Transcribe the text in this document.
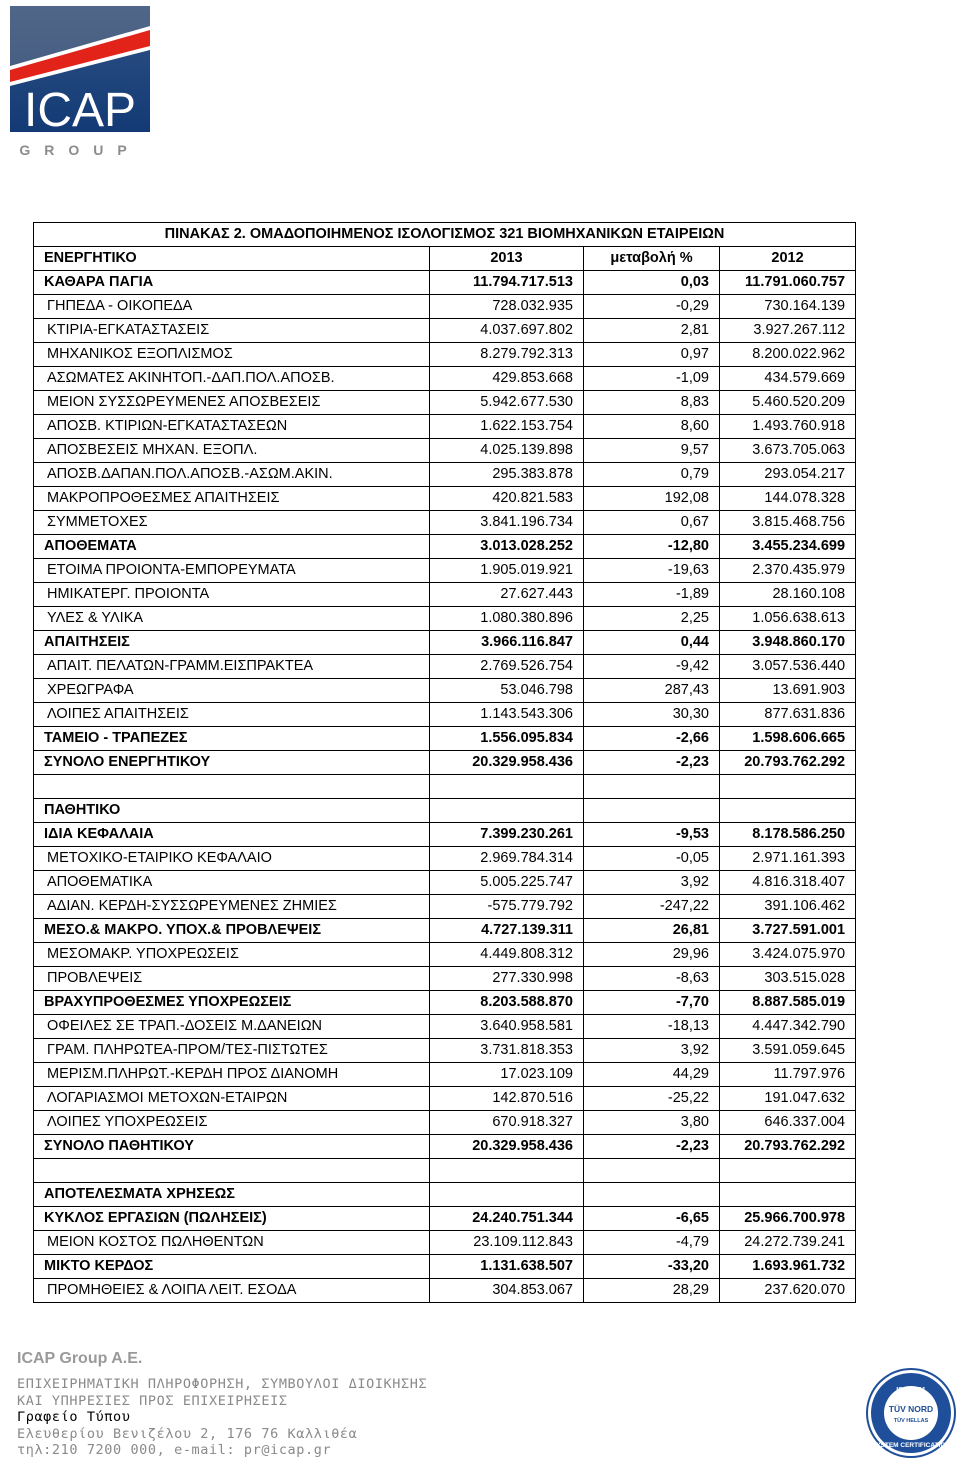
ICAP
GROUP
ΠΙΝΑΚΑΣ 2. ΟΜΑΔΟΠΟΙΗΜΕΝΟΣ ΙΣΟΛΟΓΙΣΜΟΣ 321 ΒΙΟΜΗΧΑΝΙΚΩΝ ΕΤΑΙΡΕΙΩΝ			
ΕΝΕΡΓΗΤΙΚΟ	2013	μεταβολή %	2012
ΚΑΘΑΡΑ ΠΑΓΙΑ	11.794.717.513	0,03	11.791.060.757
ΓΗΠΕΔΑ - ΟΙΚΟΠΕΔΑ	728.032.935	-0,29	730.164.139
ΚΤΙΡΙΑ-ΕΓΚΑΤΑΣΤΑΣΕΙΣ	4.037.697.802	2,81	3.927.267.112
ΜΗΧΑΝΙΚΟΣ ΕΞΟΠΛΙΣΜΟΣ	8.279.792.313	0,97	8.200.022.962
ΑΣΩΜΑΤΕΣ ΑΚΙΝΗΤΟΠ.-ΔΑΠ.ΠΟΛ.ΑΠΟΣΒ.	429.853.668	-1,09	434.579.669
ΜΕΙΟΝ ΣΥΣΣΩΡΕΥΜΕΝΕΣ ΑΠΟΣΒΕΣΕΙΣ	5.942.677.530	8,83	5.460.520.209
ΑΠΟΣΒ. ΚΤΙΡΙΩΝ-ΕΓΚΑΤΑΣΤΑΣΕΩΝ	1.622.153.754	8,60	1.493.760.918
ΑΠΟΣΒΕΣΕΙΣ ΜΗΧΑΝ. ΕΞΟΠΛ.	4.025.139.898	9,57	3.673.705.063
ΑΠΟΣΒ.ΔΑΠΑΝ.ΠΟΛ.ΑΠΟΣΒ.-ΑΣΩΜ.ΑΚΙΝ.	295.383.878	0,79	293.054.217
ΜΑΚΡΟΠΡΟΘΕΣΜΕΣ ΑΠΑΙΤΗΣΕΙΣ	420.821.583	192,08	144.078.328
ΣΥΜΜΕΤΟΧΕΣ	3.841.196.734	0,67	3.815.468.756
ΑΠΟΘΕΜΑΤΑ	3.013.028.252	-12,80	3.455.234.699
ΕΤΟΙΜΑ ΠΡΟΙΟΝΤΑ-ΕΜΠΟΡΕΥΜΑΤΑ	1.905.019.921	-19,63	2.370.435.979
ΗΜΙΚΑΤΕΡΓ. ΠΡΟΙΟΝΤΑ	27.627.443	-1,89	28.160.108
ΥΛΕΣ & ΥΛΙΚΑ	1.080.380.896	2,25	1.056.638.613
ΑΠΑΙΤΗΣΕΙΣ	3.966.116.847	0,44	3.948.860.170
ΑΠΑΙΤ. ΠΕΛΑΤΩΝ-ΓΡΑΜΜ.ΕΙΣΠΡΑΚΤΕΑ	2.769.526.754	-9,42	3.057.536.440
ΧΡΕΩΓΡΑΦΑ	53.046.798	287,43	13.691.903
ΛΟΙΠΕΣ ΑΠΑΙΤΗΣΕΙΣ	1.143.543.306	30,30	877.631.836
ΤΑΜΕΙΟ - ΤΡΑΠΕΖΕΣ	1.556.095.834	-2,66	1.598.606.665
ΣΥΝΟΛΟ ΕΝΕΡΓΗΤΙΚΟΥ	20.329.958.436	-2,23	20.793.762.292

ΠΑΘΗΤΙΚΟ			
ΙΔΙΑ ΚΕΦΑΛΑΙΑ	7.399.230.261	-9,53	8.178.586.250
ΜΕΤΟΧΙΚΟ-ΕΤΑΙΡΙΚΟ ΚΕΦΑΛΑΙΟ	2.969.784.314	-0,05	2.971.161.393
ΑΠΟΘΕΜΑΤΙΚΑ	5.005.225.747	3,92	4.816.318.407
ΑΔΙΑΝ. ΚΕΡΔΗ-ΣΥΣΣΩΡΕΥΜΕΝΕΣ ΖΗΜΙΕΣ	-575.779.792	-247,22	391.106.462
ΜΕΣΟ.& ΜΑΚΡΟ. ΥΠΟΧ.& ΠΡΟΒΛΕΨΕΙΣ	4.727.139.311	26,81	3.727.591.001
ΜΕΣΟΜΑΚΡ. ΥΠΟΧΡΕΩΣΕΙΣ	4.449.808.312	29,96	3.424.075.970
ΠΡΟΒΛΕΨΕΙΣ	277.330.998	-8,63	303.515.028
ΒΡΑΧΥΠΡΟΘΕΣΜΕΣ ΥΠΟΧΡΕΩΣΕΙΣ	8.203.588.870	-7,70	8.887.585.019
ΟΦΕΙΛΕΣ ΣΕ ΤΡΑΠ.-ΔΟΣΕΙΣ Μ.ΔΑΝΕΙΩΝ	3.640.958.581	-18,13	4.447.342.790
ΓΡΑΜ. ΠΛΗΡΩΤΕΑ-ΠΡΟΜ/ΤΕΣ-ΠΙΣΤΩΤΕΣ	3.731.818.353	3,92	3.591.059.645
ΜΕΡΙΣΜ.ΠΛΗΡΩΤ.-ΚΕΡΔΗ ΠΡΟΣ ΔΙΑΝΟΜΗ	17.023.109	44,29	11.797.976
ΛΟΓΑΡΙΑΣΜΟΙ ΜΕΤΟΧΩΝ-ΕΤΑΙΡΩΝ	142.870.516	-25,22	191.047.632
ΛΟΙΠΕΣ ΥΠΟΧΡΕΩΣΕΙΣ	670.918.327	3,80	646.337.004
ΣΥΝΟΛΟ ΠΑΘΗΤΙΚΟΥ	20.329.958.436	-2,23	20.793.762.292

ΑΠΟΤΕΛΕΣΜΑΤΑ ΧΡΗΣΕΩΣ			
ΚΥΚΛΟΣ ΕΡΓΑΣΙΩΝ (ΠΩΛΗΣΕΙΣ)	24.240.751.344	-6,65	25.966.700.978
ΜΕΙΟΝ ΚΟΣΤΟΣ ΠΩΛΗΘΕΝΤΩΝ	23.109.112.843	-4,79	24.272.739.241
ΜΙΚΤΟ ΚΕΡΔΟΣ	1.131.638.507	-33,20	1.693.961.732
ΠΡΟΜΗΘΕΙΕΣ & ΛΟΙΠΑ ΛΕΙΤ. ΕΣΟΔΑ	304.853.067	28,29	237.620.070
ICAP Group A.E.
ΕΠΙΧΕΙΡΗΜΑΤΙΚΗ ΠΛΗΡΟΦΟΡΗΣΗ, ΣΥΜΒΟΥΛΟΙ ΔΙΟΙΚΗΣΗΣ
ΚΑΙ ΥΠΗΡΕΣΙΕΣ ΠΡΟΣ ΕΠΙΧΕΙΡΗΣΕΙΣ
Γραφείο Τύπου
Ελευθερίου Βενιζέλου 2, 176 76 Καλλιθέα
τηλ:210 7200 000, e-mail: pr@icap.gr
ISO 9001
TÜV NORD
TÜV HELLAS
SYSTEM CERTIFICATION
